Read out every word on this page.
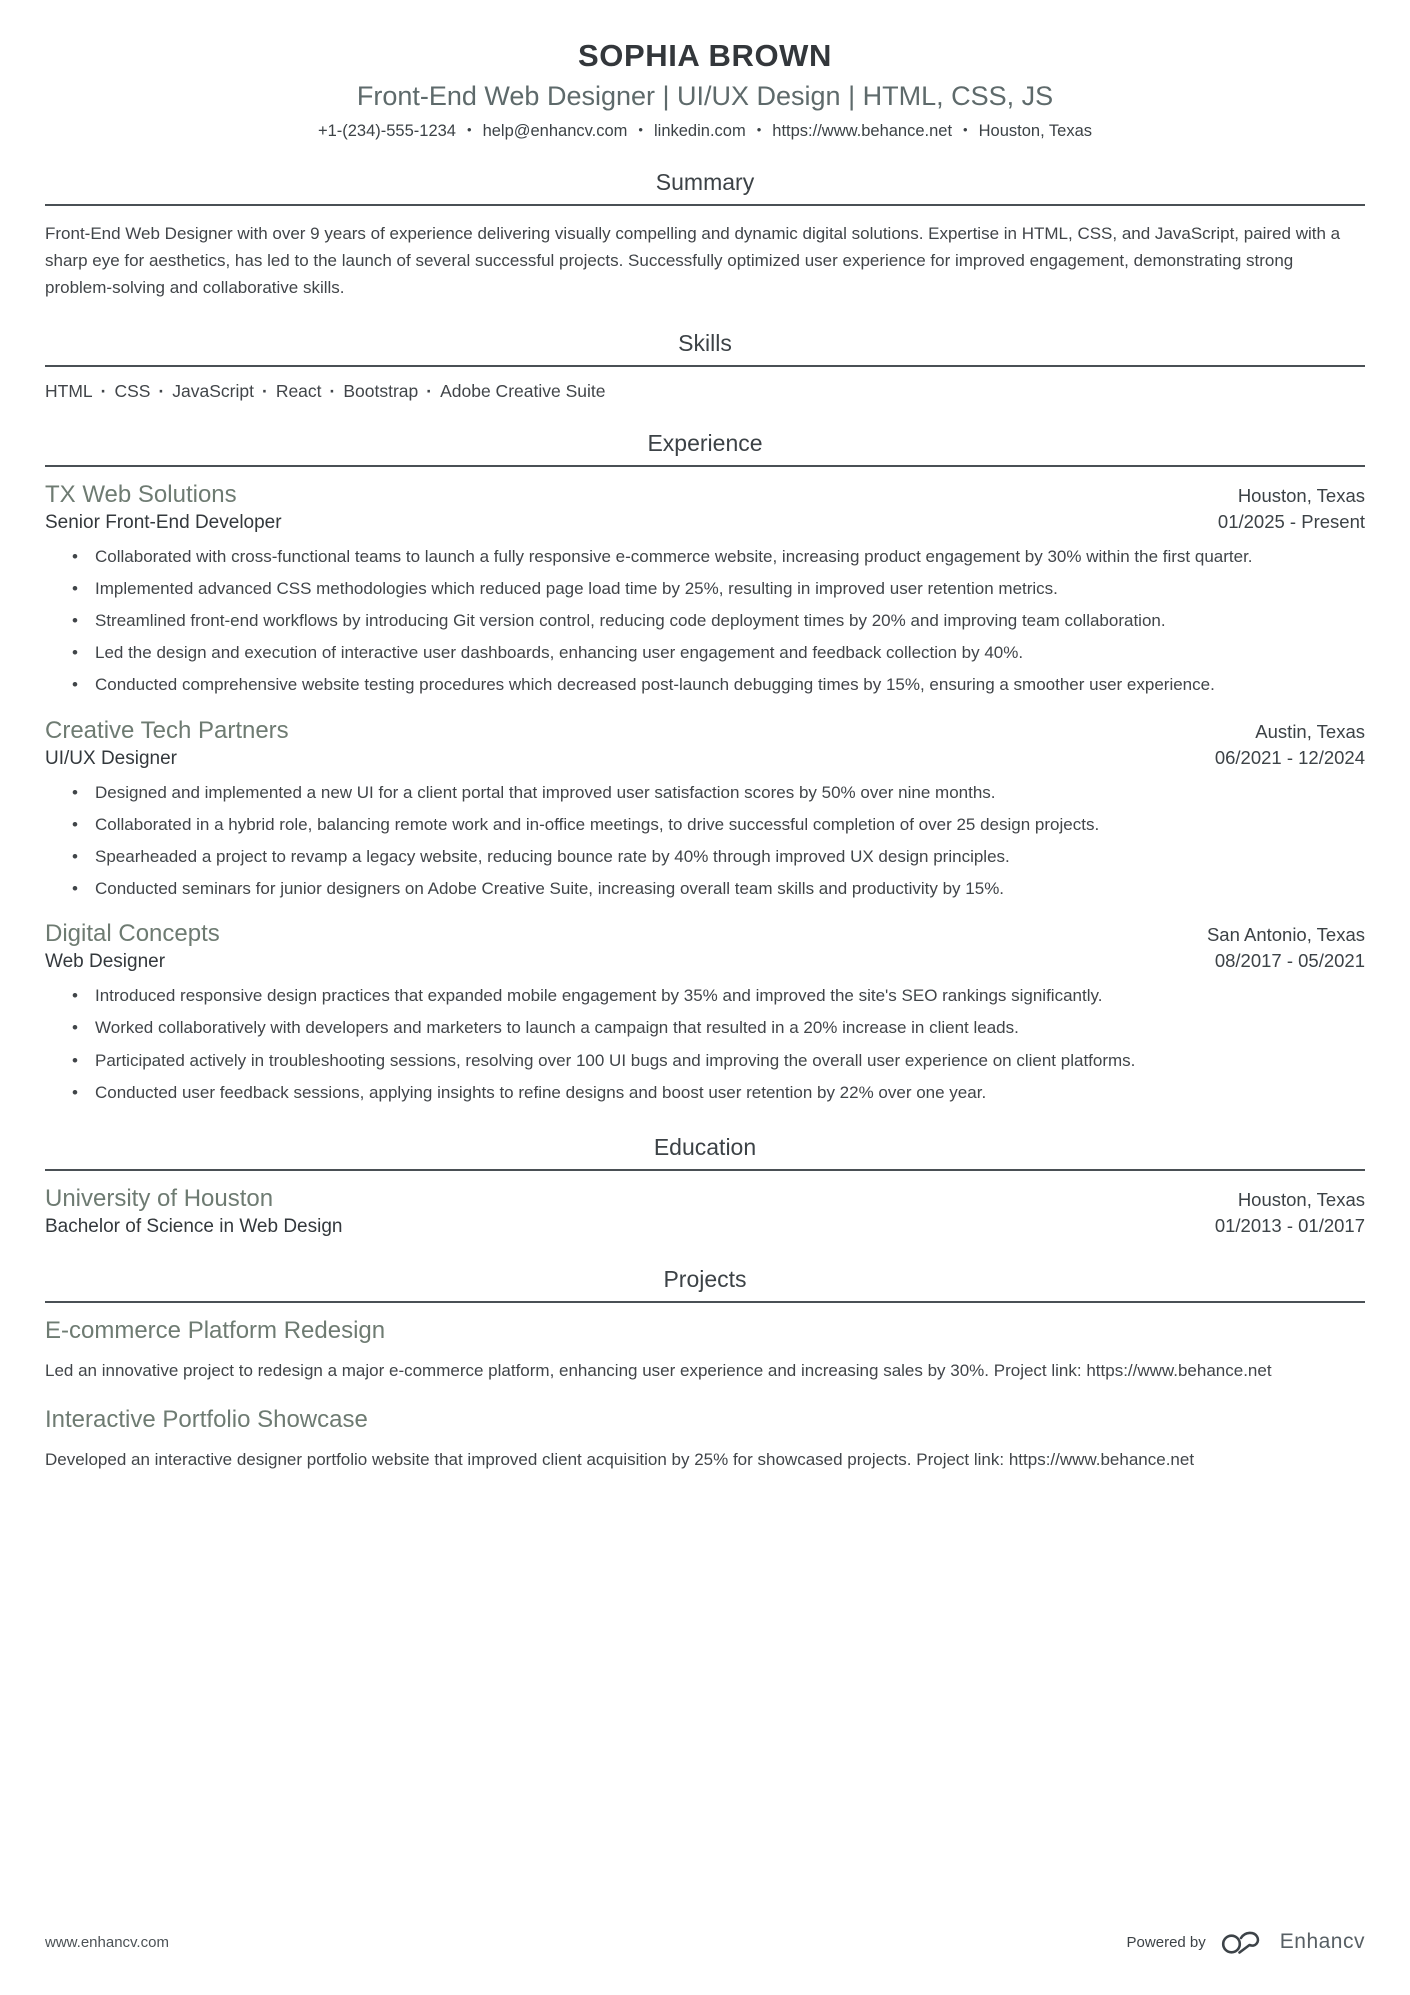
SOPHIA BROWN
Front-End Web Designer | UI/UX Design | HTML, CSS, JS
+1-(234)-555-1234 • help@enhancv.com • linkedin.com • https://www.behance.net • Houston, Texas
Summary

Front-End Web Designer with over 9 years of experience delivering visually compelling and dynamic digital solutions. Expertise in HTML, CSS, and JavaScript, paired with a sharp eye for aesthetics, has led to the launch of several successful projects. Successfully optimized user experience for improved engagement, demonstrating strong problem-solving and collaborative skills.

Skills
HTML · CSS · JavaScript · React · Bootstrap · Adobe Creative Suite
Experience
TX Web Solutions	Houston, Texas
Senior Front-End Developer	01/2025 - Present
• Collaborated with cross-functional teams to launch a fully responsive e-commerce website, increasing product engagement by 30% within the first quarter.
• Implemented advanced CSS methodologies which reduced page load time by 25%, resulting in improved user retention metrics.
• Streamlined front-end workflows by introducing Git version control, reducing code deployment times by 20% and improving team collaboration.
• Led the design and execution of interactive user dashboards, enhancing user engagement and feedback collection by 40%.
• Conducted comprehensive website testing procedures which decreased post-launch debugging times by 15%, ensuring a smoother user experience.
Creative Tech Partners	Austin, Texas
UI/UX Designer	06/2021 - 12/2024
• Designed and implemented a new UI for a client portal that improved user satisfaction scores by 50% over nine months.
• Collaborated in a hybrid role, balancing remote work and in-office meetings, to drive successful completion of over 25 design projects.
• Spearheaded a project to revamp a legacy website, reducing bounce rate by 40% through improved UX design principles.
• Conducted seminars for junior designers on Adobe Creative Suite, increasing overall team skills and productivity by 15%.
Digital Concepts	San Antonio, Texas
Web Designer	08/2017 - 05/2021
• Introduced responsive design practices that expanded mobile engagement by 35% and improved the site's SEO rankings significantly.
• Worked collaboratively with developers and marketers to launch a campaign that resulted in a 20% increase in client leads.
• Participated actively in troubleshooting sessions, resolving over 100 UI bugs and improving the overall user experience on client platforms.
• Conducted user feedback sessions, applying insights to refine designs and boost user retention by 22% over one year.
Education
University of Houston	Houston, Texas
Bachelor of Science in Web Design	01/2013 - 01/2017
Projects
E-commerce Platform Redesign

Led an innovative project to redesign a major e-commerce platform, enhancing user experience and increasing sales by 30%. Project link: https://www.behance.net

Interactive Portfolio Showcase

Developed an interactive designer portfolio website that improved client acquisition by 25% for showcased projects. Project link: https://www.behance.net

www.enhancv.com	Powered by	Enhancv
